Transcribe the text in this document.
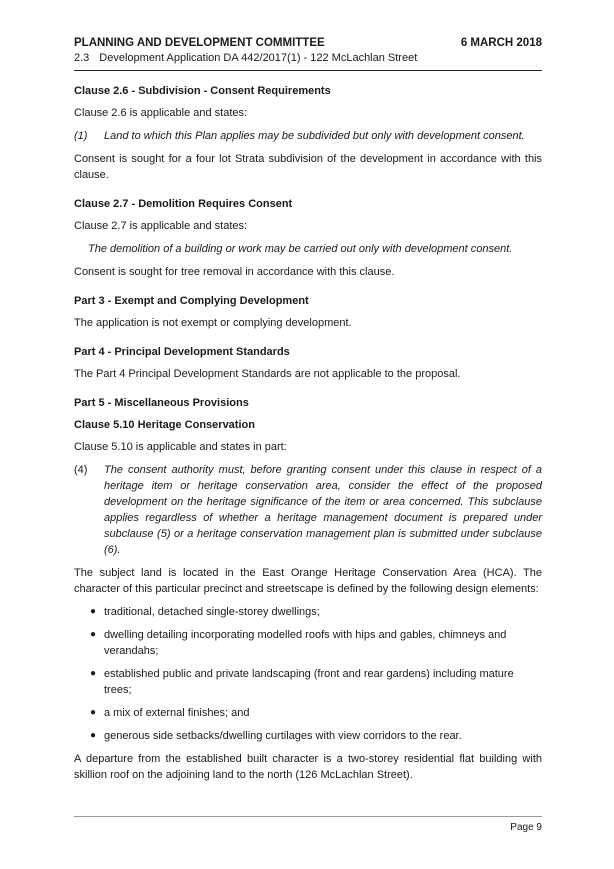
PLANNING AND DEVELOPMENT COMMITTEE	6 MARCH 2018
2.3 Development Application DA 442/2017(1) - 122 McLachlan Street
Clause 2.6 - Subdivision - Consent Requirements

Clause 2.6 is applicable and states:

(1)	Land to which this Plan applies may be subdivided but only with development consent.

Consent is sought for a four lot Strata subdivision of the development in accordance with this clause.

Clause 2.7 - Demolition Requires Consent

Clause 2.7 is applicable and states:

The demolition of a building or work may be carried out only with development consent.

Consent is sought for tree removal in accordance with this clause.

Part 3 - Exempt and Complying Development

The application is not exempt or complying development.

Part 4 - Principal Development Standards

The Part 4 Principal Development Standards are not applicable to the proposal.

Part 5 - Miscellaneous Provisions
Clause 5.10 Heritage Conservation

Clause 5.10 is applicable and states in part:

(4)	The consent authority must, before granting consent under this clause in respect of a heritage item or heritage conservation area, consider the effect of the proposed development on the heritage significance of the item or area concerned. This subclause applies regardless of whether a heritage management document is prepared under subclause (5) or a heritage conservation management plan is submitted under subclause (6).

The subject land is located in the East Orange Heritage Conservation Area (HCA). The character of this particular precinct and streetscape is defined by the following design elements:

● traditional, detached single-storey dwellings;
● dwelling detailing incorporating modelled roofs with hips and gables, chimneys and verandahs;
● established public and private landscaping (front and rear gardens) including mature trees;
● a mix of external finishes; and
● generous side setbacks/dwelling curtilages with view corridors to the rear.

A departure from the established built character is a two-storey residential flat building with skillion roof on the adjoining land to the north (126 McLachlan Street).

Page 9
